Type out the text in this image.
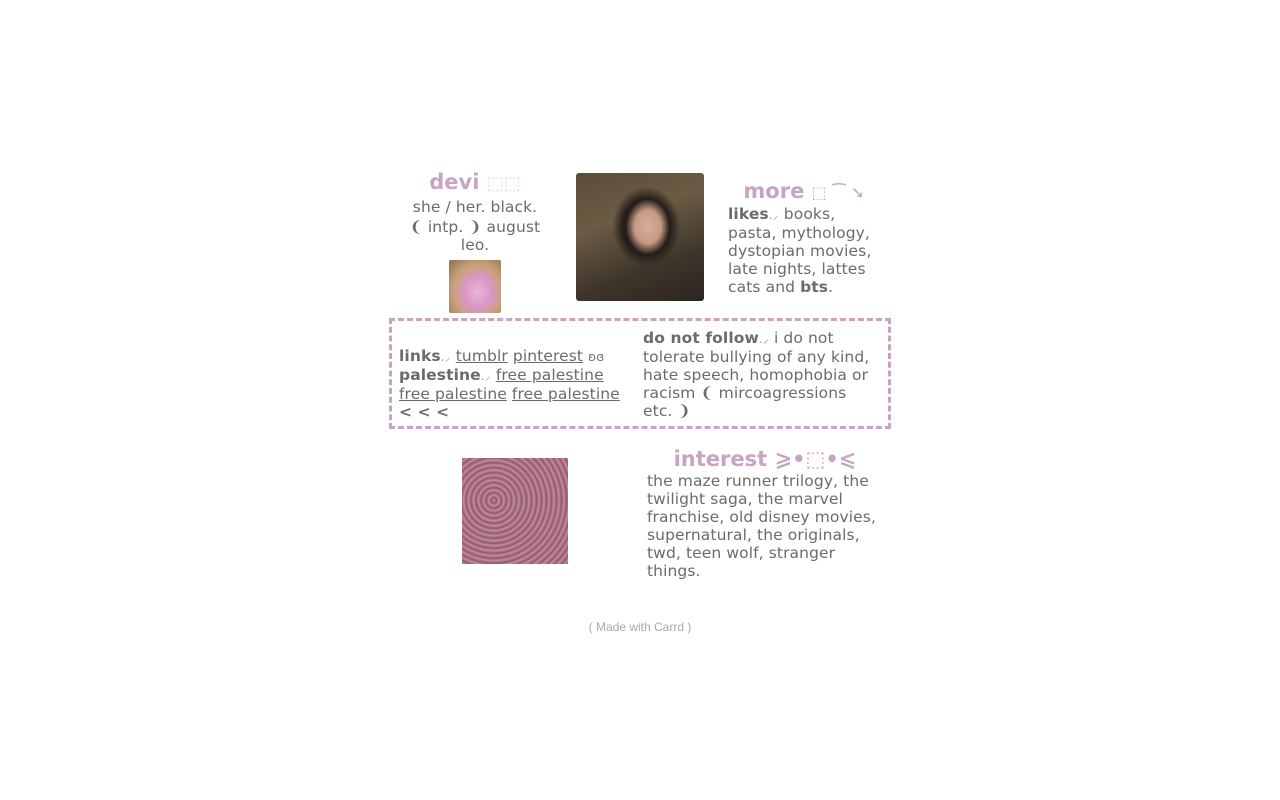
devi ⬚⬚
she / her. black.
❨ intp. ❩ august leo.
more ⬚ ⁀ ➘
likes.⸝ books, pasta, mythology, dystopian movies, late nights, lattes cats and bts.
links.⸝ tumblr pinterest ʚɞ palestine.⸝ free palestine free palestine free palestine < < <
do not follow.⸝ i do not tolerate bullying of any kind, hate speech, homophobia or racism ❨ mircoagressions etc. ❩
interest ⩾•⬚•⩽
the maze runner trilogy, the twilight saga, the marvel franchise, old disney movies, supernatural, the originals, twd, teen wolf, stranger things.
( Made with Carrd )
